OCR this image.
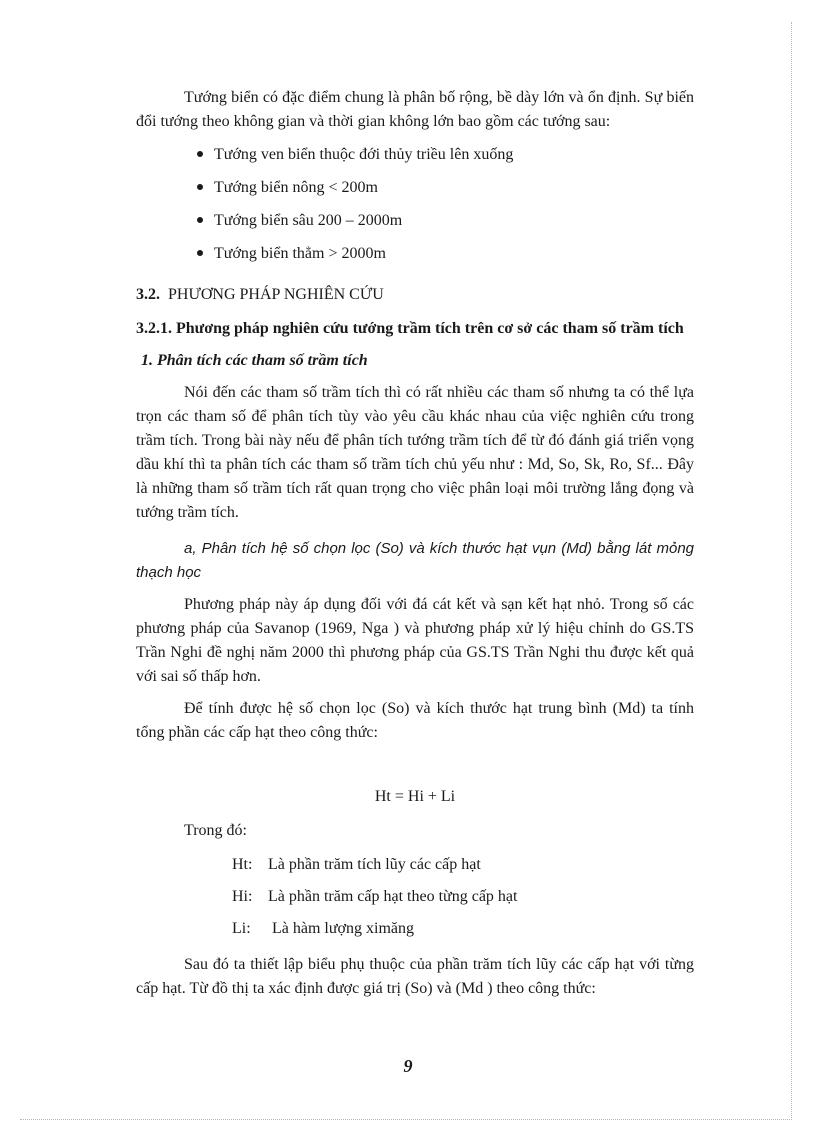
Tướng biển có đặc điểm chung là phân bố rộng, bề dày lớn và ổn định. Sự biến đổi tướng theo không gian và thời gian không lớn bao gồm các tướng sau:

Tướng ven biển thuộc đới thủy triều lên xuống
Tướng biển nông < 200m
Tướng biển sâu 200 – 2000m
Tướng biển thẳm > 2000m

3.2. PHƯƠNG PHÁP NGHIÊN CỨU

3.2.1. Phương pháp nghiên cứu tướng trầm tích trên cơ sở các tham số trầm tích

1. Phân tích các tham số trầm tích

Nói đến các tham số trầm tích thì có rất nhiều các tham số nhưng ta có thể lựa trọn các tham số để phân tích tùy vào yêu cầu khác nhau của việc nghiên cứu trong trầm tích. Trong bài này nếu để phân tích tướng trầm tích để từ đó đánh giá triển vọng dầu khí thì ta phân tích các tham số trầm tích chủ yếu như : Md, So, Sk, Ro, Sf... Đây là những tham số trầm tích rất quan trọng cho việc phân loại môi trường lắng đọng và tướng trầm tích.

a, Phân tích hệ số chọn lọc (So) và kích thước hạt vụn (Md) bằng lát mỏng thạch học

Phương pháp này áp dụng đối với đá cát kết và sạn kết hạt nhỏ. Trong số các phương pháp của Savanop (1969, Nga ) và phương pháp xử lý hiệu chỉnh do GS.TS Trần Nghi đề nghị năm 2000 thì phương pháp của GS.TS Trần Nghi thu được kết quả với sai số thấp hơn.

Để tính được hệ số chọn lọc (So) và kích thước hạt trung bình (Md) ta tính tổng phần các cấp hạt theo công thức:

Ht = Hi + Li

Trong đó:

Ht: Là phần trăm tích lũy các cấp hạt
Hi: Là phần trăm cấp hạt theo từng cấp hạt
Li: Là hàm lượng ximăng

Sau đó ta thiết lập biểu phụ thuộc của phần trăm tích lũy các cấp hạt với từng cấp hạt. Từ đồ thị ta xác định được giá trị (So) và (Md ) theo công thức:

9
